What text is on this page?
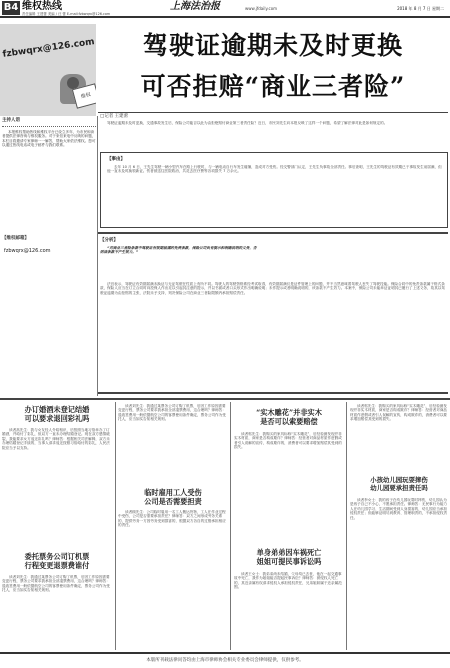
B4 维权热线
责任编辑 王建蕾 美编 / 汪 蕾 E-mail:fzbwqrx@126.com
上海法治报	www.jfdaily.com	2018 年 8 月 7 日 星期二
fzbwqrx@126.com
维权
驾驶证逾期未及时更换
可否拒赔“商业三者险”
主持人语
本报维权帮助热线和维权平台已设立多年，为市民和读者提供法律咨询与维权服务。对于来信来电中反映的问题，本栏目将邀请专家律师一一解答，帮助大家依法维权。您可以通过热线电话或电子邮件与我们联系。
【维权邮箱】
fzbwqrx@126.com
□记者 王建蕾

驾驶证逾期未及时更换，交通事故发生后，保险公司能否以此为由拒绝赔付商业第三者责任险？近日，市民刘先生向本报反映了这样一个问题，希望了解法律对此是如何规定的。

【事由】

去年 10 月 6 日，王先生驾驶一辆小型汽车在路上行驶时，与一辆电动自行车发生碰撞，造成对方受伤。经交警部门认定，王先生负事故全部责任。事后查明，王先生的驾驶证有效期已于事故发生前届满，但他一直未及时换领新证。伤者被送往医院救治，共花去医疗费等各项损失 7 万余元。

【分析】

“对商业三者险条款中驾驶证有效期届满的免责条款，保险公司负有提示和明确说明的义务，否则该条款不产生效力。”

法官表示，驾驶证有效期届满未换证与无证驾驶在性质上有所不同。驾驶人的驾驶资格系经考试取得，有效期届满仅是证件管理上的问题，并不当然意味着驾驶人丧失了驾驶技能。保险合同中的免责条款属于格式条款，保险人应当在订立合同时向投保人作出足以引起其注意的提示，并以书面或者口头形式作出明确说明；未作提示或者明确说明的，该条款不产生效力。本案中，保险公司未能举证证明其已履行了上述义务，故其以驾驶证逾期为由拒赔的主张，法院未予支持，判决保险公司在商业三者险限额内承担赔偿责任。

办订婚酒未登记结婚
可以要求退回彩礼吗

读者高先生：我与女友经人介绍相识，后按照当地习俗举办了订婚酒，并给付了彩礼，但双方一直未办理结婚登记。现在双方感情破裂，我能要求女方返还彩礼吗？律师答：根据相关司法解释，双方未办理结婚登记手续的，当事人请求返还按照习俗给付的彩礼，人民法院应当予以支持。

委托票务公司订机票
行程变更退票费谁付

读者刘先生：我通过某票务公司订购了机票，后因工作原因需要变更行程，票务公司要求我承担全部退票费用，这合理吗？律师答：退改签费用一般依据航空公司的客票使用条件确定，票务公司作为受托人，应当如实告知相关规则。

临时雇用工人受伤
公司是否需要担责

读者刘先生：我通过某票务公司订购了机票，后因工作原因需要变更行程，票务公司要求我承担全部退票费用，这合理吗？律师答：退改签费用一般依据航空公司的客票使用条件确定，票务公司作为受托人，应当如实告知相关规则。

读者顾先生：公司临时雇用一名工人搬运货物，工人在作业过程中受伤，公司是否需要承担责任？律师答：双方之间形成劳务关系的，提供劳务一方因劳务受到损害的，根据双方各自的过错承担相应的责任。

“实木雕花”并非实木
是否可以索要赔偿

读者郭先生：我购买的家具标称“实木雕花”，后经检测发现并非实木材质，商家是否构成欺诈？律师答：经营者对商品材质作虚假或者引人误解的宣传，构成欺诈的，消费者可以要求增加赔偿其受到的损失。

单身弟弟因车祸死亡
姐姐可提民事诉讼吗

读者王女士：我弟弟尚未结婚，父母均已去世，他在一起交通事故中死亡，我作为姐姐能否提起民事诉讼？律师答：被侵权人死亡的，其近亲属有权请求侵权人承担侵权责任，兄弟姐妹属于近亲属范围。

读者郭先生：我购买的家具标称“实木雕花”，后经检测发现并非实木材质，商家是否构成欺诈？律师答：经营者对商品材质作虚假或者引人误解的宣传，构成欺诈的，消费者可以要求增加赔偿其受到的损失。

小孩幼儿园玩耍摔伤
幼儿园要承担责任吗

读者李女士：我的孩子在幼儿园玩耍时摔伤，幼儿园认为是孩子自己不小心，不愿承担责任。律师答：无民事行为能力人在幼儿园学习、生活期间受到人身损害的，幼儿园应当承担侵权责任；但能够证明尽到教育、管理职责的，不承担侵权责任。

本版所刊载法律问答均由上海市律师协会相关专业委员会律师提供，仅供参考。
